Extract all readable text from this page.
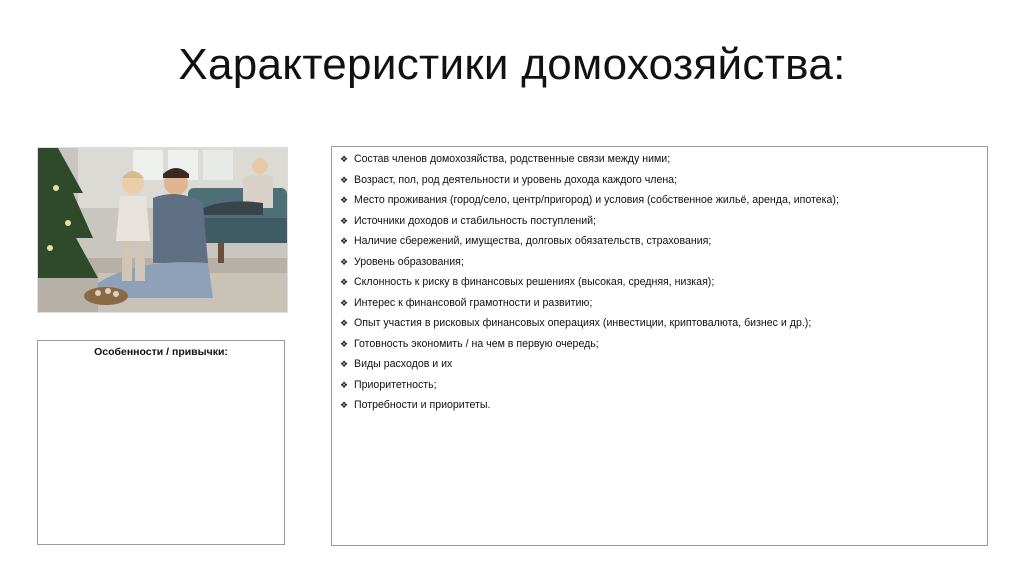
Характеристики домохозяйства:
Особенности / привычки:
❖ Состав членов домохозяйства, родственные связи между ними;
❖ Возраст, пол, род деятельности и уровень дохода каждого члена;
❖ Место проживания (город/село, центр/пригород) и условия (собственное жильё, аренда, ипотека);
❖ Источники доходов и стабильность поступлений;
❖ Наличие сбережений, имущества, долговых обязательств, страхования;
❖ Уровень образования;
❖ Склонность к риску в финансовых решениях (высокая, средняя, низкая);
❖ Интерес к финансовой грамотности и развитию;
❖ Опыт участия в рисковых финансовых операциях (инвестиции, криптовалюта, бизнес и др.);
❖ Готовность экономить / на чем в первую очередь;
❖ Виды расходов и их
❖ Приоритетность;
❖ Потребности и приоритеты.
